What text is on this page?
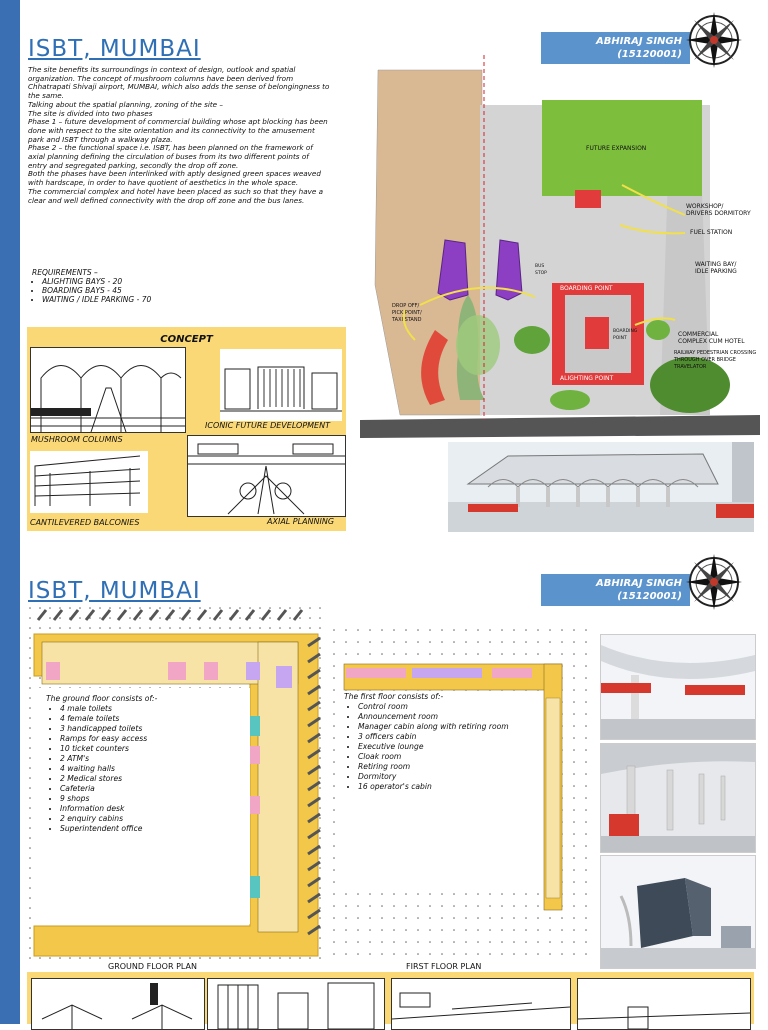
ISBT, MUMBAI	ABHIRAJ SINGH
(15120001)

The site benefits its surroundings in context of design, outlook and spatial organization. The concept of mushroom columns have been derived from Chhatrapati Shivaji airport, MUMBAI, which also adds the sense of belongingness to the same.

Talking about the spatial planning, zoning of the site –

The site is divided into two phases

Phase 1 – future development of commercial building whose apt blocking has been done with respect to the site orientation and its connectivity to the amusement park and ISBT through a walkway plaza.

Phase 2 – the functional space i.e. ISBT, has been planned on the framework of axial planning defining the circulation of buses from its two different points of entry and segregated parking, secondly the drop off zone.

Both the phases have been interlinked with aptly designed green spaces weaved with hardscape, in order to have quotient of aesthetics in the whole space.

The commercial complex and hotel have been placed as such so that they have a clear and well defined connectivity with the drop off zone and the bus lanes.

REQUIREMENTS –
• ALIGHTING BAYS - 20
• BOARDING BAYS - 45
• WAITING / IDLE PARKING - 70
CONCEPT
MUSHROOM COLUMNS
ICONIC FUTURE DEVELOPMENT
CANTILEVERED BALCONIES	AXIAL PLANNING
FUTURE EXPANSION
WORKSHOP/
DRIVERS DORMITORY
FUEL STATION
WAITING BAY/
IDLE PARKING
DROP OFF/
PICK POINT/
TAXI STAND
BOARDING POINT
ALIGHTING POINT
BOARDING
POINT
BUS
STOP
COMMERCIAL
COMPLEX CUM HOTEL
RAILWAY PEDESTRIAN CROSSING
THROUGH OVER BRIDGE
TRAVELATOR
ISBT, MUMBAI	ABHIRAJ SINGH
(15120001)
The ground floor consists of:-
• 4 male toilets
• 4 female toilets
• 3 handicapped toilets
• Ramps for easy access
• 10 ticket counters
• 2 ATM's
• 4 waiting halls
• 2 Medical stores
• Cafeteria
• 9 shops
• Information desk
• 2 enquiry cabins
• Superintendent office
The first floor consists of:-
• Control room
• Announcement room
• Manager cabin along with retiring room
• 3 officers cabin
• Executive lounge
• Cloak room
• Retiring room
• Dormitory
• 16 operator's cabin
GROUND FLOOR PLAN	FIRST FLOOR PLAN
